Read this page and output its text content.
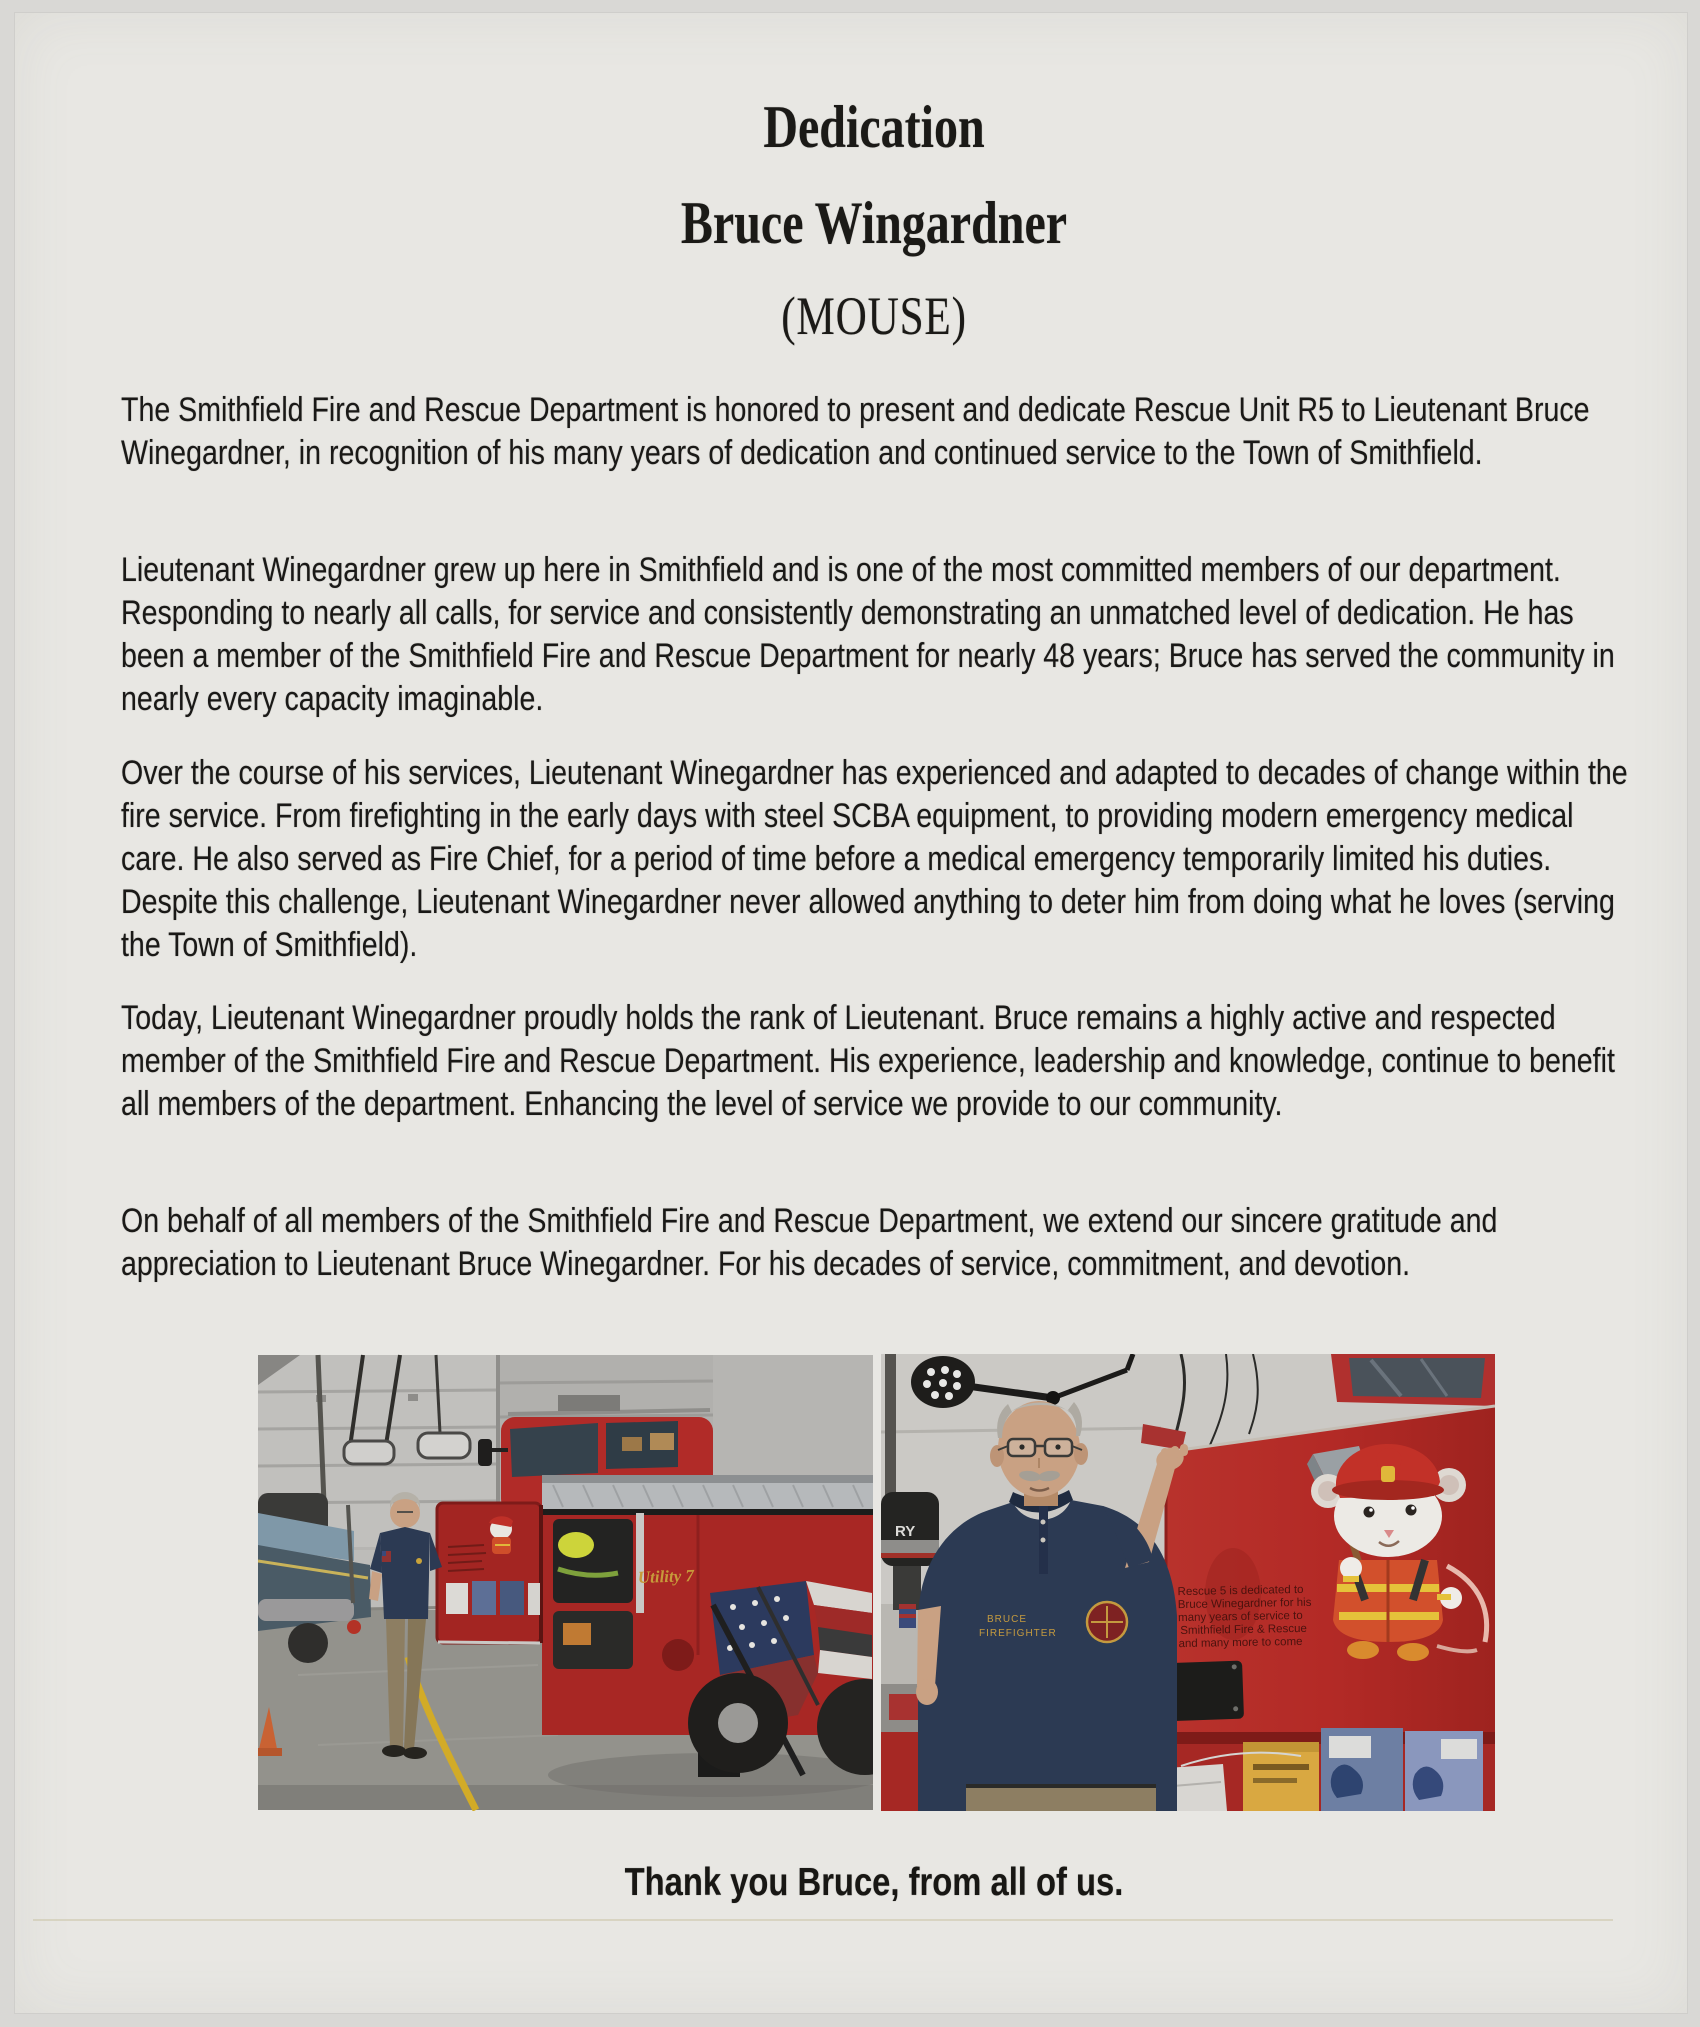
Dedication
Bruce Wingardner
(MOUSE)

The Smithfield Fire and Rescue Department is honored to present and dedicate Rescue Unit R5 to Lieutenant Bruce Winegardner, in recognition of his many years of dedication and continued service to the Town of Smithfield.

Lieutenant Winegardner grew up here in Smithfield and is one of the most committed members of our department. Responding to nearly all calls, for service and consistently demonstrating an unmatched level of dedication. He has been a member of the Smithfield Fire and Rescue Department for nearly 48 years; Bruce has served the community in nearly every capacity imaginable.

Over the course of his services, Lieutenant Winegardner has experienced and adapted to decades of change within the fire service. From firefighting in the early days with steel SCBA equipment, to providing modern emergency medical care. He also served as Fire Chief, for a period of time before a medical emergency temporarily limited his duties. Despite this challenge, Lieutenant Winegardner never allowed anything to deter him from doing what he loves (serving the Town of Smithfield).

Today, Lieutenant Winegardner proudly holds the rank of Lieutenant. Bruce remains a highly active and respected member of the Smithfield Fire and Rescue Department. His experience, leadership and knowledge, continue to benefit all members of the department. Enhancing the level of service we provide to our community.

On behalf of all members of the Smithfield Fire and Rescue Department, we extend our sincere gratitude and appreciation to Lieutenant Bruce Winegardner. For his decades of service, commitment, and devotion.

Utility 7
RY
Rescue 5 is dedicated to
Bruce Winegardner for his
many years of service to
Smithfield Fire & Rescue
and many more to come
BRUCE
FIREFIGHTER
Thank you Bruce, from all of us.
